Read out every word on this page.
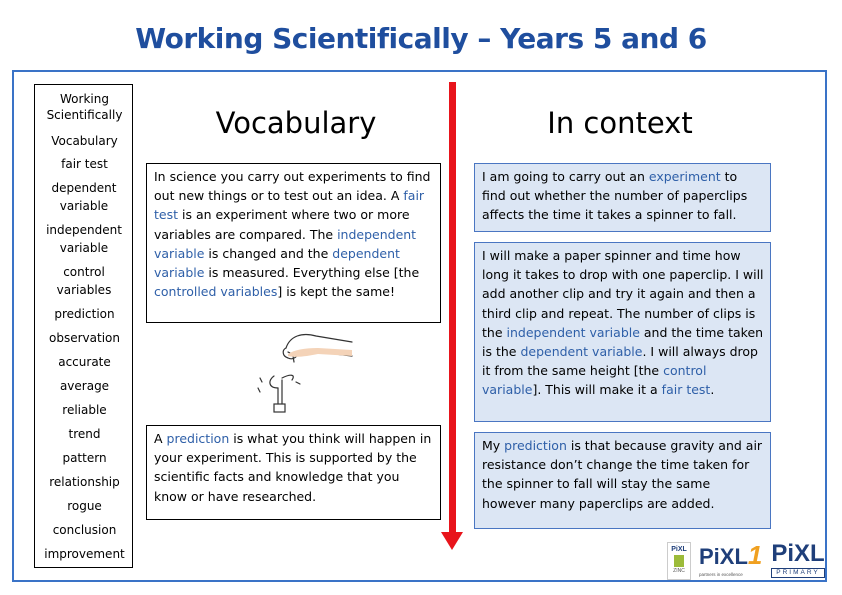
Working Scientifically – Years 5 and 6
Working
Scientifically
Vocabulary
fair test
dependent variable
independent variable
control variables
prediction
observation
accurate
average
reliable
trend
pattern
relationship
rogue
conclusion
improvement
Vocabulary	In context
In science you carry out experiments to find out new things or to test out an idea. A fair test is an experiment where two or more variables are compared. The independent variable is changed and the dependent variable is measured. Everything else [the controlled variables] is kept the same!
A prediction is what you think will happen in your experiment. This is supported by the scientific facts and knowledge that you know or have researched.
I am going to carry out an experiment to find out whether the number of paperclips affects the time it takes a spinner to fall.
I will make a paper spinner and time how long it takes to drop with one paperclip. I will add another clip and try it again and then a third clip and repeat. The number of clips is the independent variable and the time taken is the dependent variable. I will always drop it from the same height [the control variable]. This will make it a fair test.
My prediction is that because gravity and air resistance don’t change the time taken for the spinner to fall will stay the same however many paperclips are added.
PiXL
ZINC
PiXL1
partners in excellence
PiXL
PRIMARY
